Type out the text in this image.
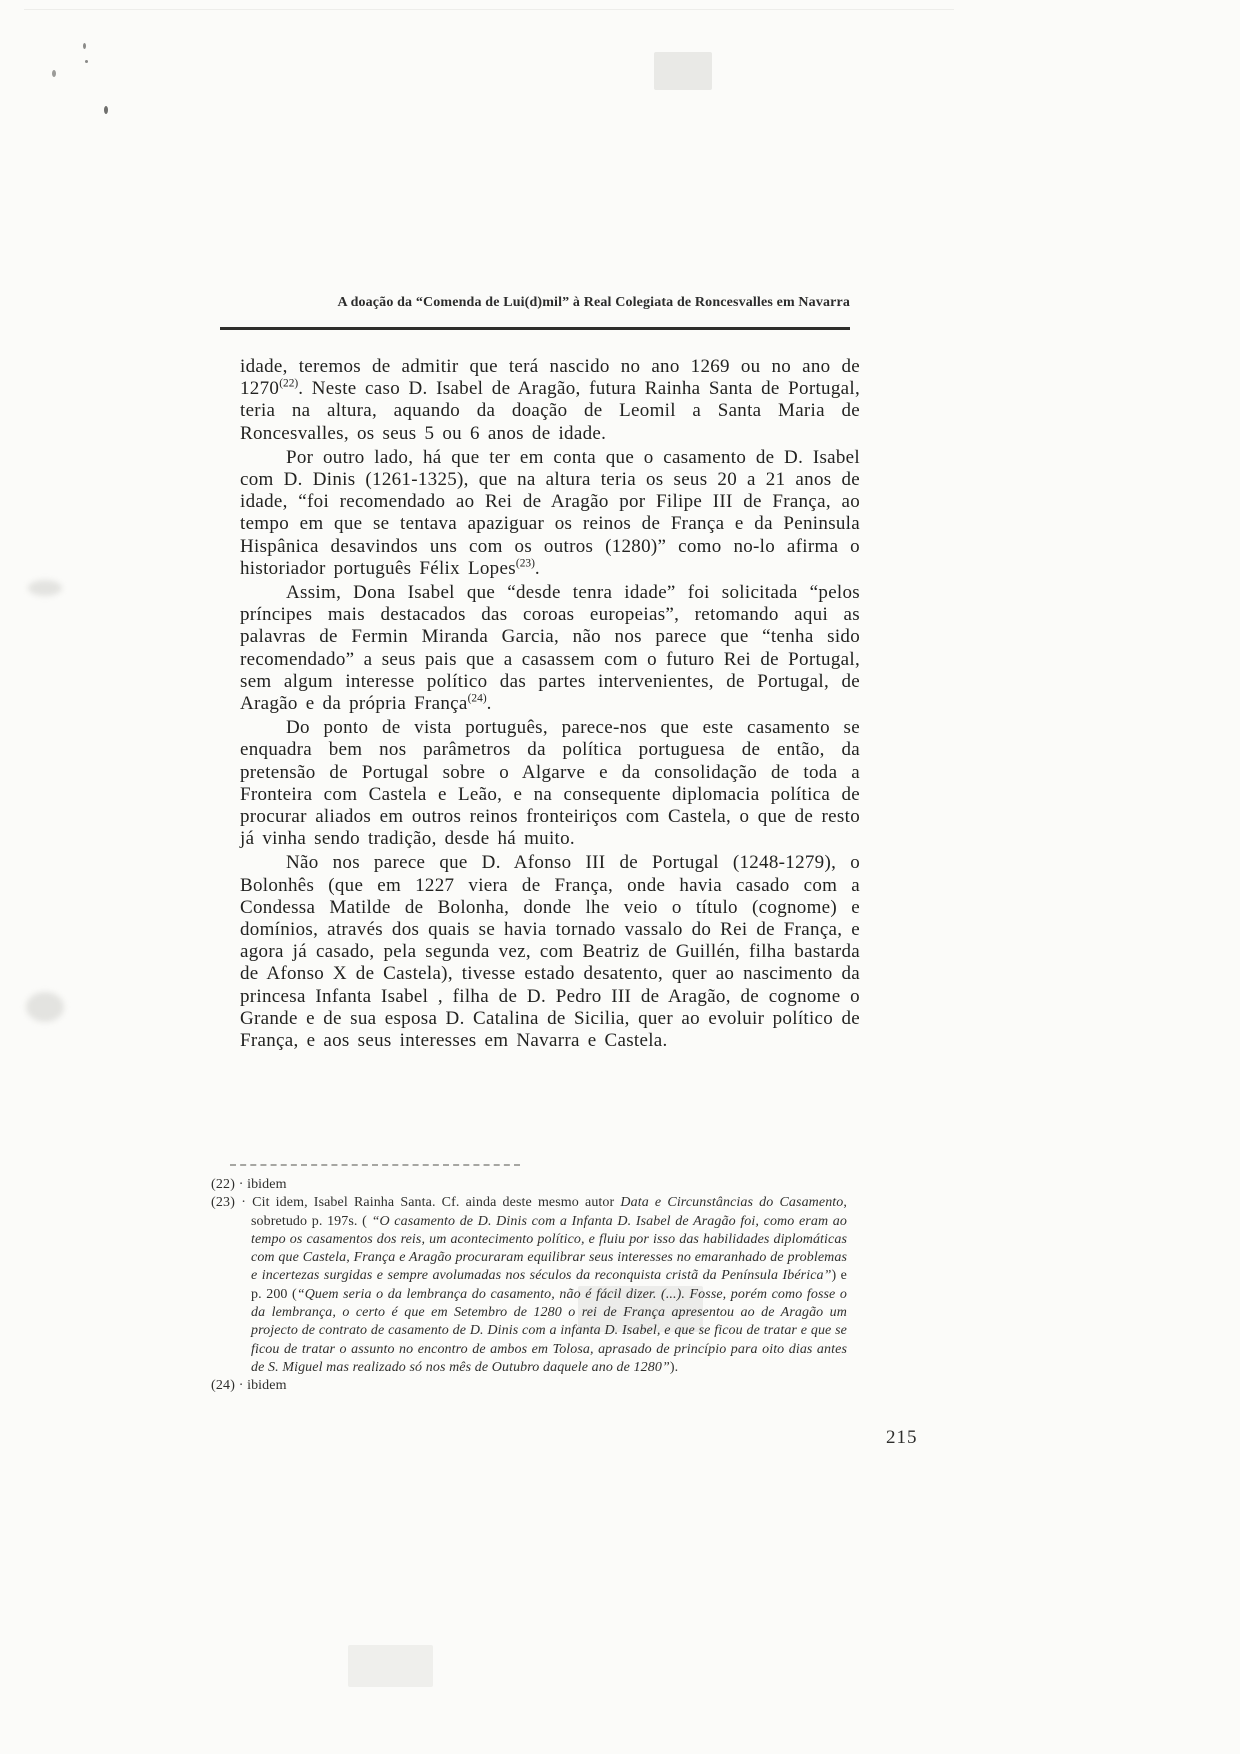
A doação da “Comenda de Lui(d)mil” à Real Colegiata de Roncesvalles em Navarra

idade, teremos de admitir que terá nascido no ano 1269 ou no ano de 1270$^{(22)}$. Neste caso D. Isabel de Aragão, futura Rainha Santa de Portugal, teria na altura, aquando da doação de Leomil a Santa Maria de Roncesvalles, os seus 5 ou 6 anos de idade.

Por outro lado, há que ter em conta que o casamento de D. Isabel com D. Dinis (1261-1325), que na altura teria os seus 20 a 21 anos de idade, “foi recomendado ao Rei de Aragão por Filipe III de França, ao tempo em que se tentava apaziguar os reinos de França e da Peninsula Hispânica desavindos uns com os outros (1280)” como no-lo afirma o historiador português Félix Lopes$^{(23)}$.

Assim, Dona Isabel que “desde tenra idade” foi solicitada “pelos príncipes mais destacados das coroas europeias”, retomando aqui as palavras de Fermin Miranda Garcia, não nos parece que “tenha sido recomendado” a seus pais que a casassem com o futuro Rei de Portugal, sem algum interesse político das partes intervenientes, de Portugal, de Aragão e da própria França$^{(24)}$.

Do ponto de vista português, parece-nos que este casamento se enquadra bem nos parâmetros da política portuguesa de então, da pretensão de Portugal sobre o Algarve e da consolidação de toda a Fronteira com Castela e Leão, e na consequente diplomacia política de procurar aliados em outros reinos fronteiriços com Castela, o que de resto já vinha sendo tradição, desde há muito.

Não nos parece que D. Afonso III de Portugal (1248-1279), o Bolonhês (que em 1227 viera de França, onde havia casado com a Condessa Matilde de Bolonha, donde lhe veio o título (cognome) e domínios, através dos quais se havia tornado vassalo do Rei de França, e agora já casado, pela segunda vez, com Beatriz de Guillén, filha bastarda de Afonso X de Castela), tivesse estado desatento, quer ao nascimento da princesa Infanta Isabel , filha de D. Pedro III de Aragão, de cognome o Grande e de sua esposa D. Catalina de Sicilia, quer ao evoluir político de França, e aos seus interesses em Navarra e Castela.

(22) · ibidem
(23) · Cit idem, Isabel Rainha Santa. Cf. ainda deste mesmo autor Data e Circunstâncias do Casamento, sobretudo p. 197s. ( “O casamento de D. Dinis com a Infanta D. Isabel de Aragão foi, como eram ao tempo os casamentos dos reis, um acontecimento político, e fluiu por isso das habilidades diplomáticas com que Castela, França e Aragão procuraram equilibrar seus interesses no emaranhado de problemas e incertezas surgidas e sempre avolumadas nos séculos da reconquista cristã da Península Ibérica”) e p. 200 (“Quem seria o da lembrança do casamento, não é fácil dizer. (...). Fosse, porém como fosse o da lembrança, o certo é que em Setembro de 1280 o rei de França apresentou ao de Aragão um projecto de contrato de casamento de D. Dinis com a infanta D. Isabel, e que se ficou de tratar e que se ficou de tratar o assunto no encontro de ambos em Tolosa, aprasado de princípio para oito dias antes de S. Miguel mas realizado só nos mês de Outubro daquele ano de 1280”).
(24) · ibidem
215
